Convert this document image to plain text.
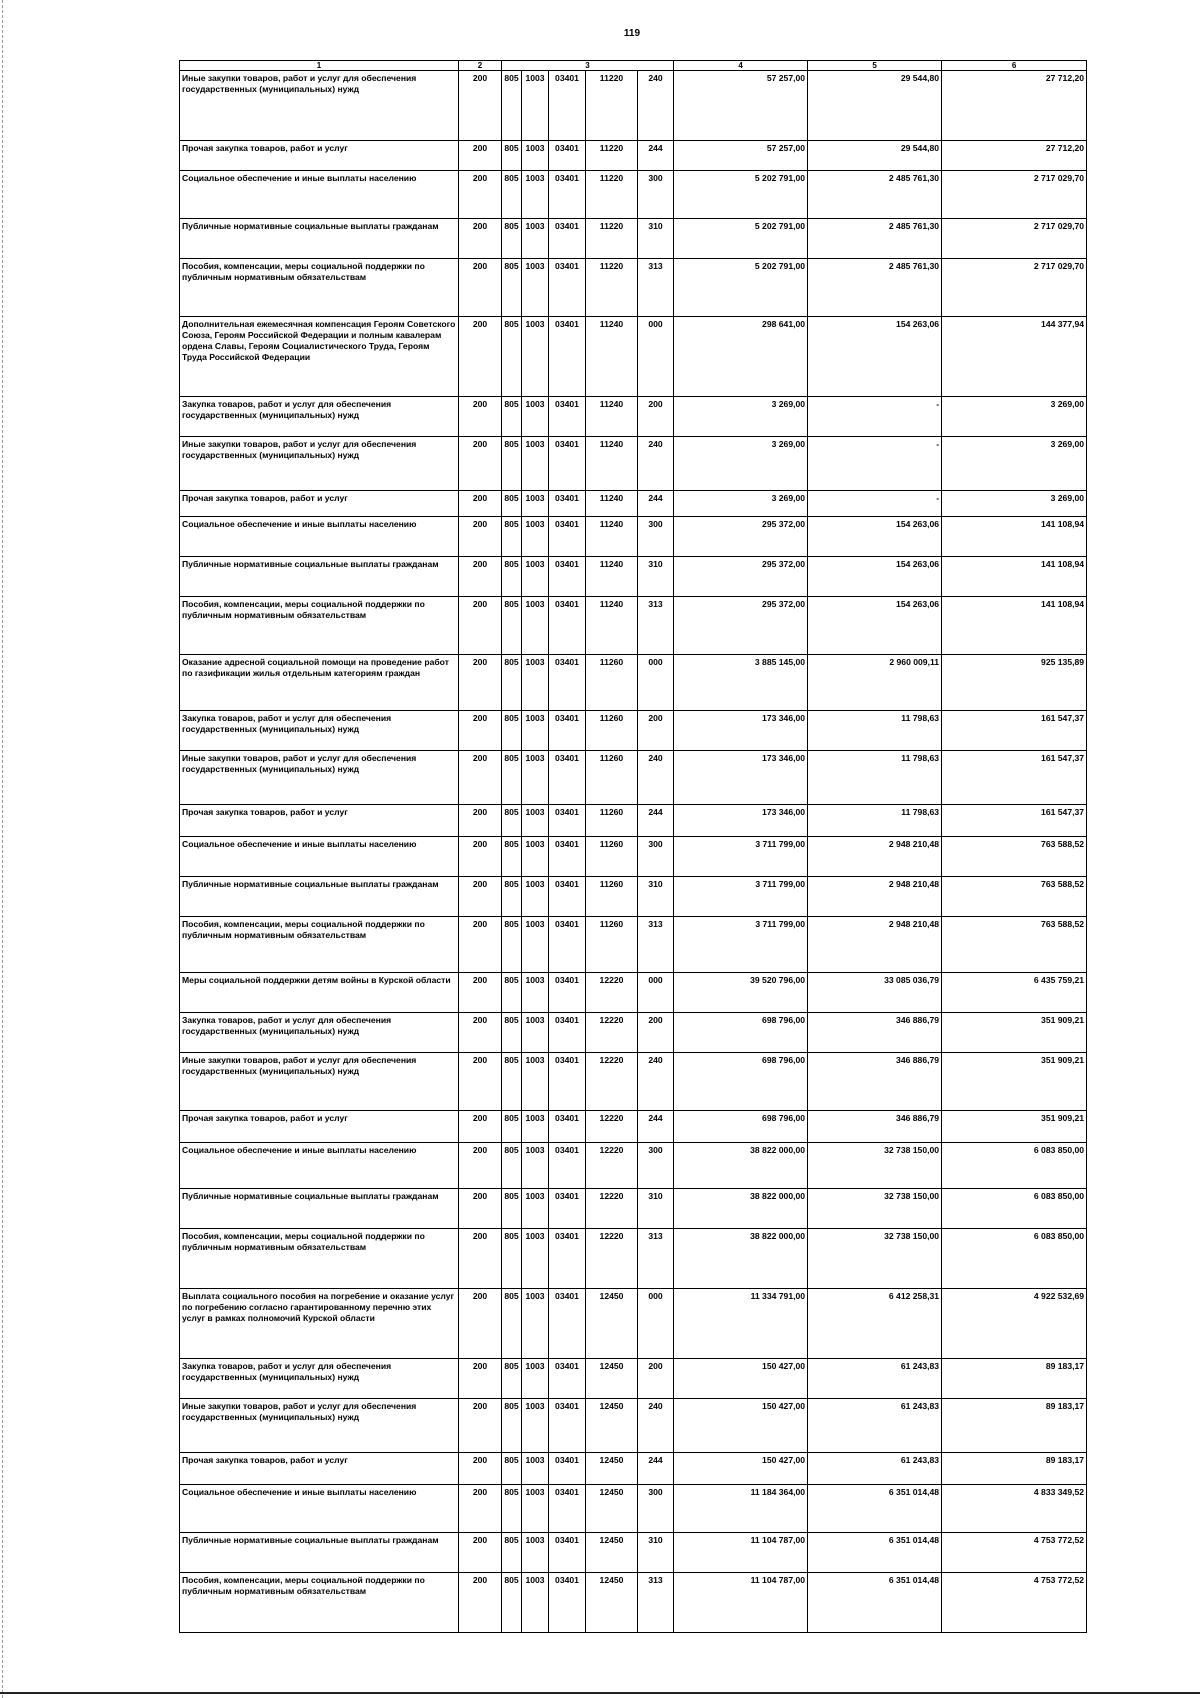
119
1	2	3					4	5	6
Иные закупки товаров, работ и услуг для обеспечения государственных (муниципальных) нужд	200	805	1003	03401	11220	240	57 257,00	29 544,80	27 712,20
Прочая закупка товаров, работ и услуг	200	805	1003	03401	11220	244	57 257,00	29 544,80	27 712,20
Социальное обеспечение и иные выплаты населению	200	805	1003	03401	11220	300	5 202 791,00	2 485 761,30	2 717 029,70
Публичные нормативные социальные выплаты гражданам	200	805	1003	03401	11220	310	5 202 791,00	2 485 761,30	2 717 029,70
Пособия, компенсации, меры социальной поддержки по публичным нормативным обязательствам	200	805	1003	03401	11220	313	5 202 791,00	2 485 761,30	2 717 029,70
Дополнительная ежемесячная компенсация Героям Советского Союза, Героям Российской Федерации и полным кавалерам ордена Славы, Героям Социалистического Труда, Героям Труда Российской Федерации	200	805	1003	03401	11240	000	298 641,00	154 263,06	144 377,94
Закупка товаров, работ и услуг для обеспечения государственных (муниципальных) нужд	200	805	1003	03401	11240	200	3 269,00	-	3 269,00
Иные закупки товаров, работ и услуг для обеспечения государственных (муниципальных) нужд	200	805	1003	03401	11240	240	3 269,00	-	3 269,00
Прочая закупка товаров, работ и услуг	200	805	1003	03401	11240	244	3 269,00	-	3 269,00
Социальное обеспечение и иные выплаты населению	200	805	1003	03401	11240	300	295 372,00	154 263,06	141 108,94
Публичные нормативные социальные выплаты гражданам	200	805	1003	03401	11240	310	295 372,00	154 263,06	141 108,94
Пособия, компенсации, меры социальной поддержки по публичным нормативным обязательствам	200	805	1003	03401	11240	313	295 372,00	154 263,06	141 108,94
Оказание адресной социальной помощи на проведение работ по газификации жилья отдельным категориям граждан	200	805	1003	03401	11260	000	3 885 145,00	2 960 009,11	925 135,89
Закупка товаров, работ и услуг для обеспечения государственных (муниципальных) нужд	200	805	1003	03401	11260	200	173 346,00	11 798,63	161 547,37
Иные закупки товаров, работ и услуг для обеспечения государственных (муниципальных) нужд	200	805	1003	03401	11260	240	173 346,00	11 798,63	161 547,37
Прочая закупка товаров, работ и услуг	200	805	1003	03401	11260	244	173 346,00	11 798,63	161 547,37
Социальное обеспечение и иные выплаты населению	200	805	1003	03401	11260	300	3 711 799,00	2 948 210,48	763 588,52
Публичные нормативные социальные выплаты гражданам	200	805	1003	03401	11260	310	3 711 799,00	2 948 210,48	763 588,52
Пособия, компенсации, меры социальной поддержки по публичным нормативным обязательствам	200	805	1003	03401	11260	313	3 711 799,00	2 948 210,48	763 588,52
Меры социальной поддержки детям войны в Курской области	200	805	1003	03401	12220	000	39 520 796,00	33 085 036,79	6 435 759,21
Закупка товаров, работ и услуг для обеспечения государственных (муниципальных) нужд	200	805	1003	03401	12220	200	698 796,00	346 886,79	351 909,21
Иные закупки товаров, работ и услуг для обеспечения государственных (муниципальных) нужд	200	805	1003	03401	12220	240	698 796,00	346 886,79	351 909,21
Прочая закупка товаров, работ и услуг	200	805	1003	03401	12220	244	698 796,00	346 886,79	351 909,21
Социальное обеспечение и иные выплаты населению	200	805	1003	03401	12220	300	38 822 000,00	32 738 150,00	6 083 850,00
Публичные нормативные социальные выплаты гражданам	200	805	1003	03401	12220	310	38 822 000,00	32 738 150,00	6 083 850,00
Пособия, компенсации, меры социальной поддержки по публичным нормативным обязательствам	200	805	1003	03401	12220	313	38 822 000,00	32 738 150,00	6 083 850,00
Выплата социального пособия на погребение и оказание услуг по погребению согласно гарантированному перечню этих услуг в рамках полномочий Курской области	200	805	1003	03401	12450	000	11 334 791,00	6 412 258,31	4 922 532,69
Закупка товаров, работ и услуг для обеспечения государственных (муниципальных) нужд	200	805	1003	03401	12450	200	150 427,00	61 243,83	89 183,17
Иные закупки товаров, работ и услуг для обеспечения государственных (муниципальных) нужд	200	805	1003	03401	12450	240	150 427,00	61 243,83	89 183,17
Прочая закупка товаров, работ и услуг	200	805	1003	03401	12450	244	150 427,00	61 243,83	89 183,17
Социальное обеспечение и иные выплаты населению	200	805	1003	03401	12450	300	11 184 364,00	6 351 014,48	4 833 349,52
Публичные нормативные социальные выплаты гражданам	200	805	1003	03401	12450	310	11 104 787,00	6 351 014,48	4 753 772,52
Пособия, компенсации, меры социальной поддержки по публичным нормативным обязательствам	200	805	1003	03401	12450	313	11 104 787,00	6 351 014,48	4 753 772,52
